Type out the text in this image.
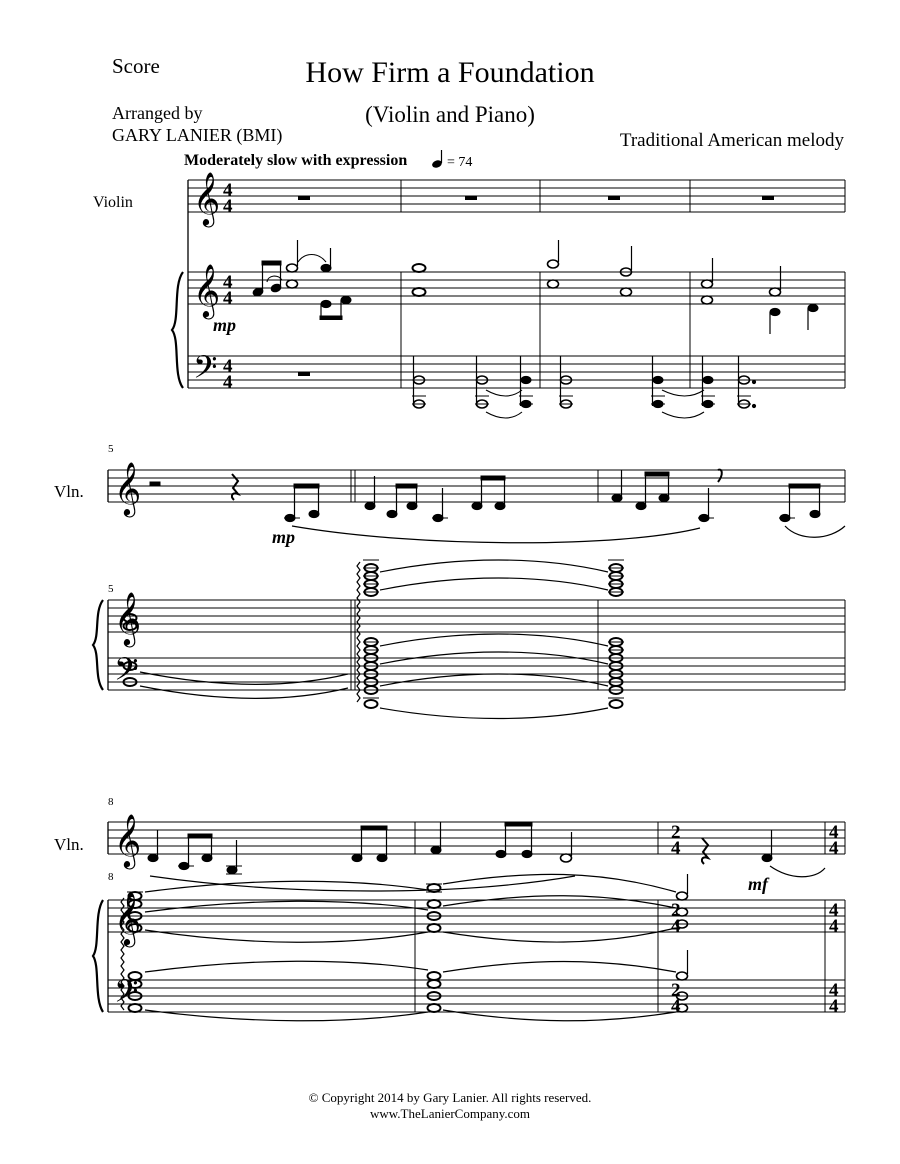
Score	How Firm a Foundation
(Violin and Piano)
Arranged by
GARY LANIER (BMI)	Traditional American melody
Moderately slow with expression	= 74
Violin 𝄞
𝄞
𝄢
4
4
4
4
4
4
mp
5
Vln. 𝄞
5
𝄞
𝄢
mp
8
Vln. 𝄞
8
𝄞
𝄢
2
4
2
4
2
4
4
4
4
4
4
4
mf
© Copyright 2014 by Gary Lanier. All rights reserved.
www.TheLanierCompany.com
